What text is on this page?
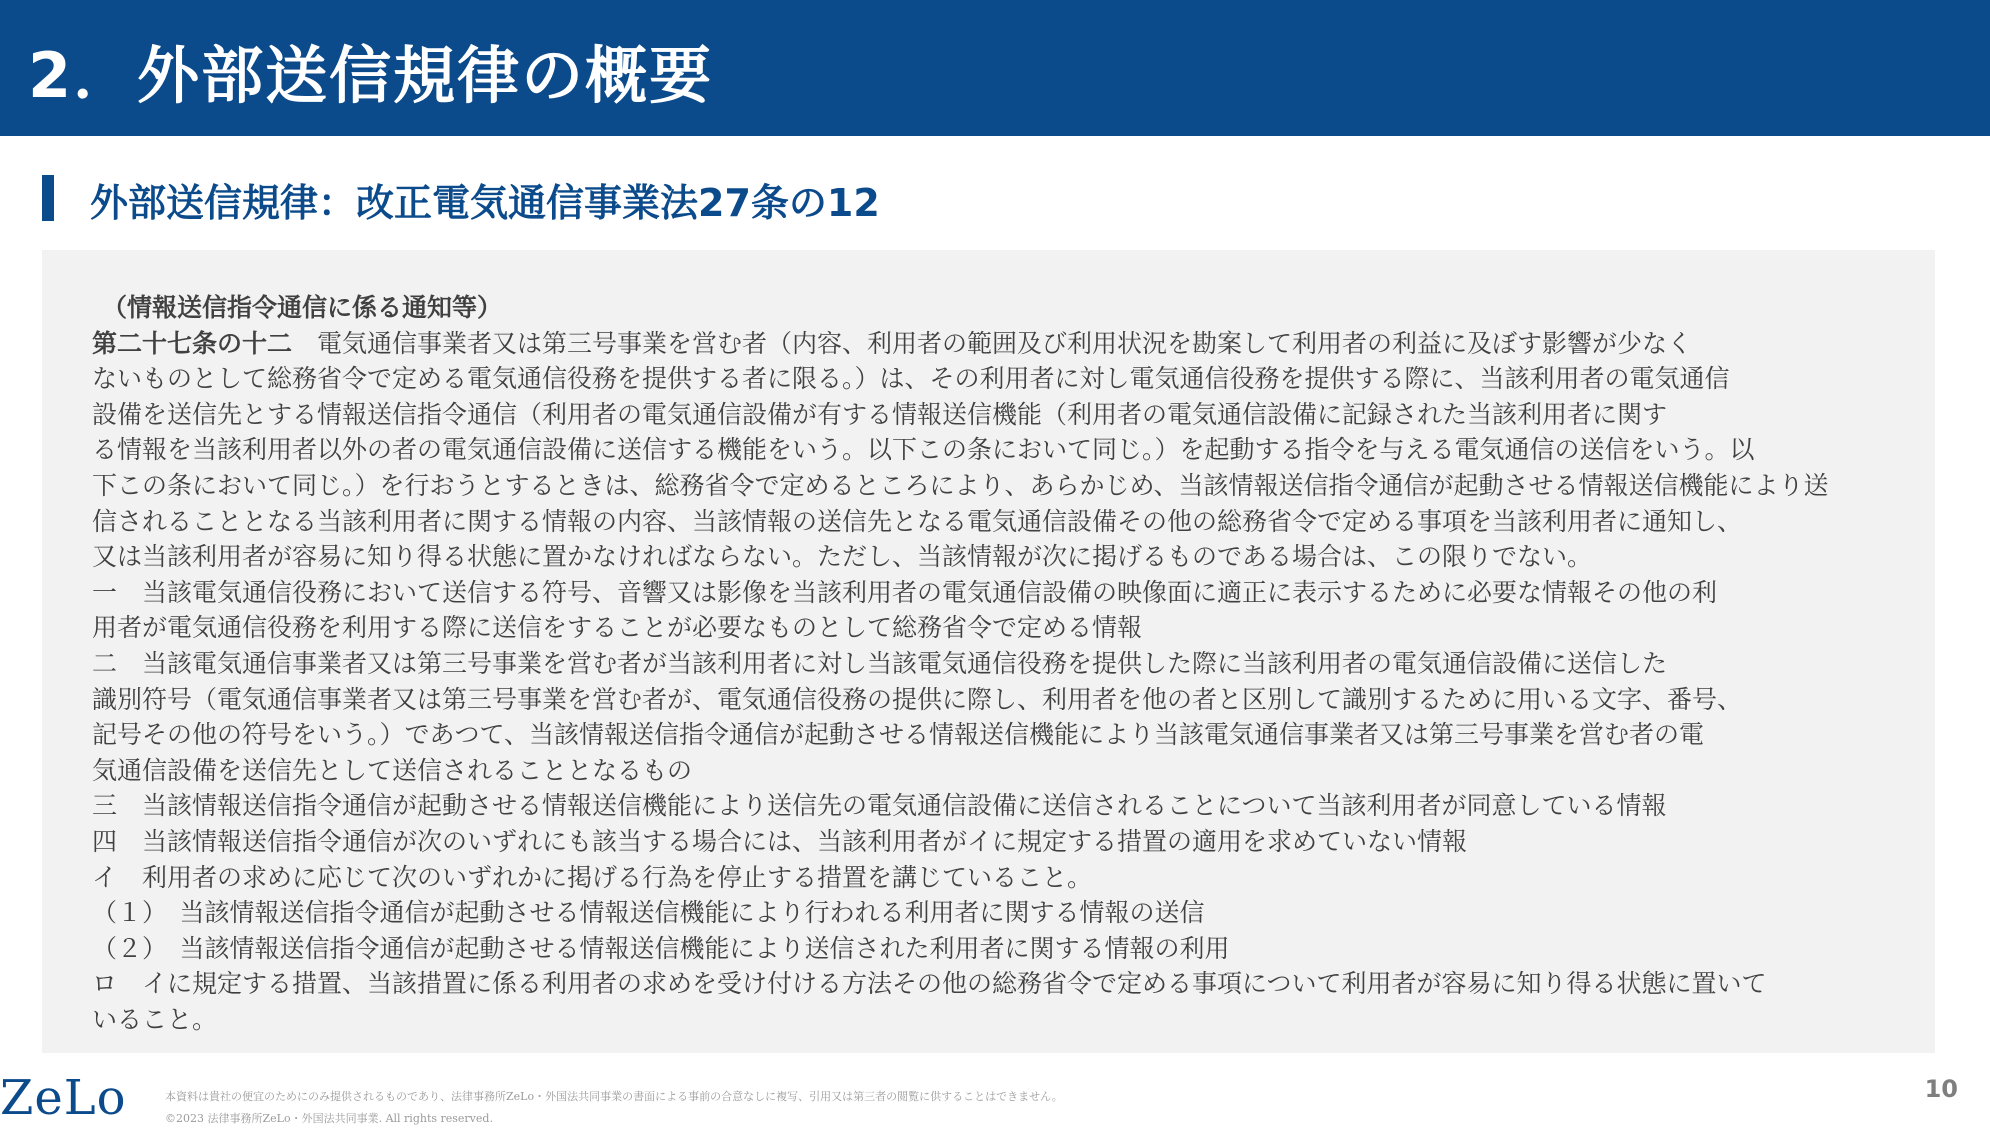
2．外部送信規律の概要
外部送信規律：改正電気通信事業法27条の12
（情報送信指令通信に係る通知等）
第二十七条の十二　電気通信事業者又は第三号事業を営む者（内容、利用者の範囲及び利用状況を勘案して利用者の利益に及ぼす影響が少なく
ないものとして総務省令で定める電気通信役務を提供する者に限る。）は、その利用者に対し電気通信役務を提供する際に、当該利用者の電気通信
設備を送信先とする情報送信指令通信（利用者の電気通信設備が有する情報送信機能（利用者の電気通信設備に記録された当該利用者に関す
る情報を当該利用者以外の者の電気通信設備に送信する機能をいう。以下この条において同じ。）を起動する指令を与える電気通信の送信をいう。以
下この条において同じ。）を行おうとするときは、総務省令で定めるところにより、あらかじめ、当該情報送信指令通信が起動させる情報送信機能により送
信されることとなる当該利用者に関する情報の内容、当該情報の送信先となる電気通信設備その他の総務省令で定める事項を当該利用者に通知し、
又は当該利用者が容易に知り得る状態に置かなければならない。ただし、当該情報が次に掲げるものである場合は、この限りでない。
一　当該電気通信役務において送信する符号、音響又は影像を当該利用者の電気通信設備の映像面に適正に表示するために必要な情報その他の利
用者が電気通信役務を利用する際に送信をすることが必要なものとして総務省令で定める情報
二　当該電気通信事業者又は第三号事業を営む者が当該利用者に対し当該電気通信役務を提供した際に当該利用者の電気通信設備に送信した
識別符号（電気通信事業者又は第三号事業を営む者が、電気通信役務の提供に際し、利用者を他の者と区別して識別するために用いる文字、番号、
記号その他の符号をいう。）であつて、当該情報送信指令通信が起動させる情報送信機能により当該電気通信事業者又は第三号事業を営む者の電
気通信設備を送信先として送信されることとなるもの
三　当該情報送信指令通信が起動させる情報送信機能により送信先の電気通信設備に送信されることについて当該利用者が同意している情報
四　当該情報送信指令通信が次のいずれにも該当する場合には、当該利用者がイに規定する措置の適用を求めていない情報
イ　利用者の求めに応じて次のいずれかに掲げる行為を停止する措置を講じていること。
（１）　当該情報送信指令通信が起動させる情報送信機能により行われる利用者に関する情報の送信
（２）　当該情報送信指令通信が起動させる情報送信機能により送信された利用者に関する情報の利用
ロ　イに規定する措置、当該措置に係る利用者の求めを受け付ける方法その他の総務省令で定める事項について利用者が容易に知り得る状態に置いて
いること。
ZeLo	本資料は貴社の便宜のためにのみ提供されるものであり、法律事務所ZeLo・外国法共同事業の書面による事前の合意なしに複写、引用又は第三者の閲覧に供することはできません。
©2023 法律事務所ZeLo・外国法共同事業. All rights reserved.
10
